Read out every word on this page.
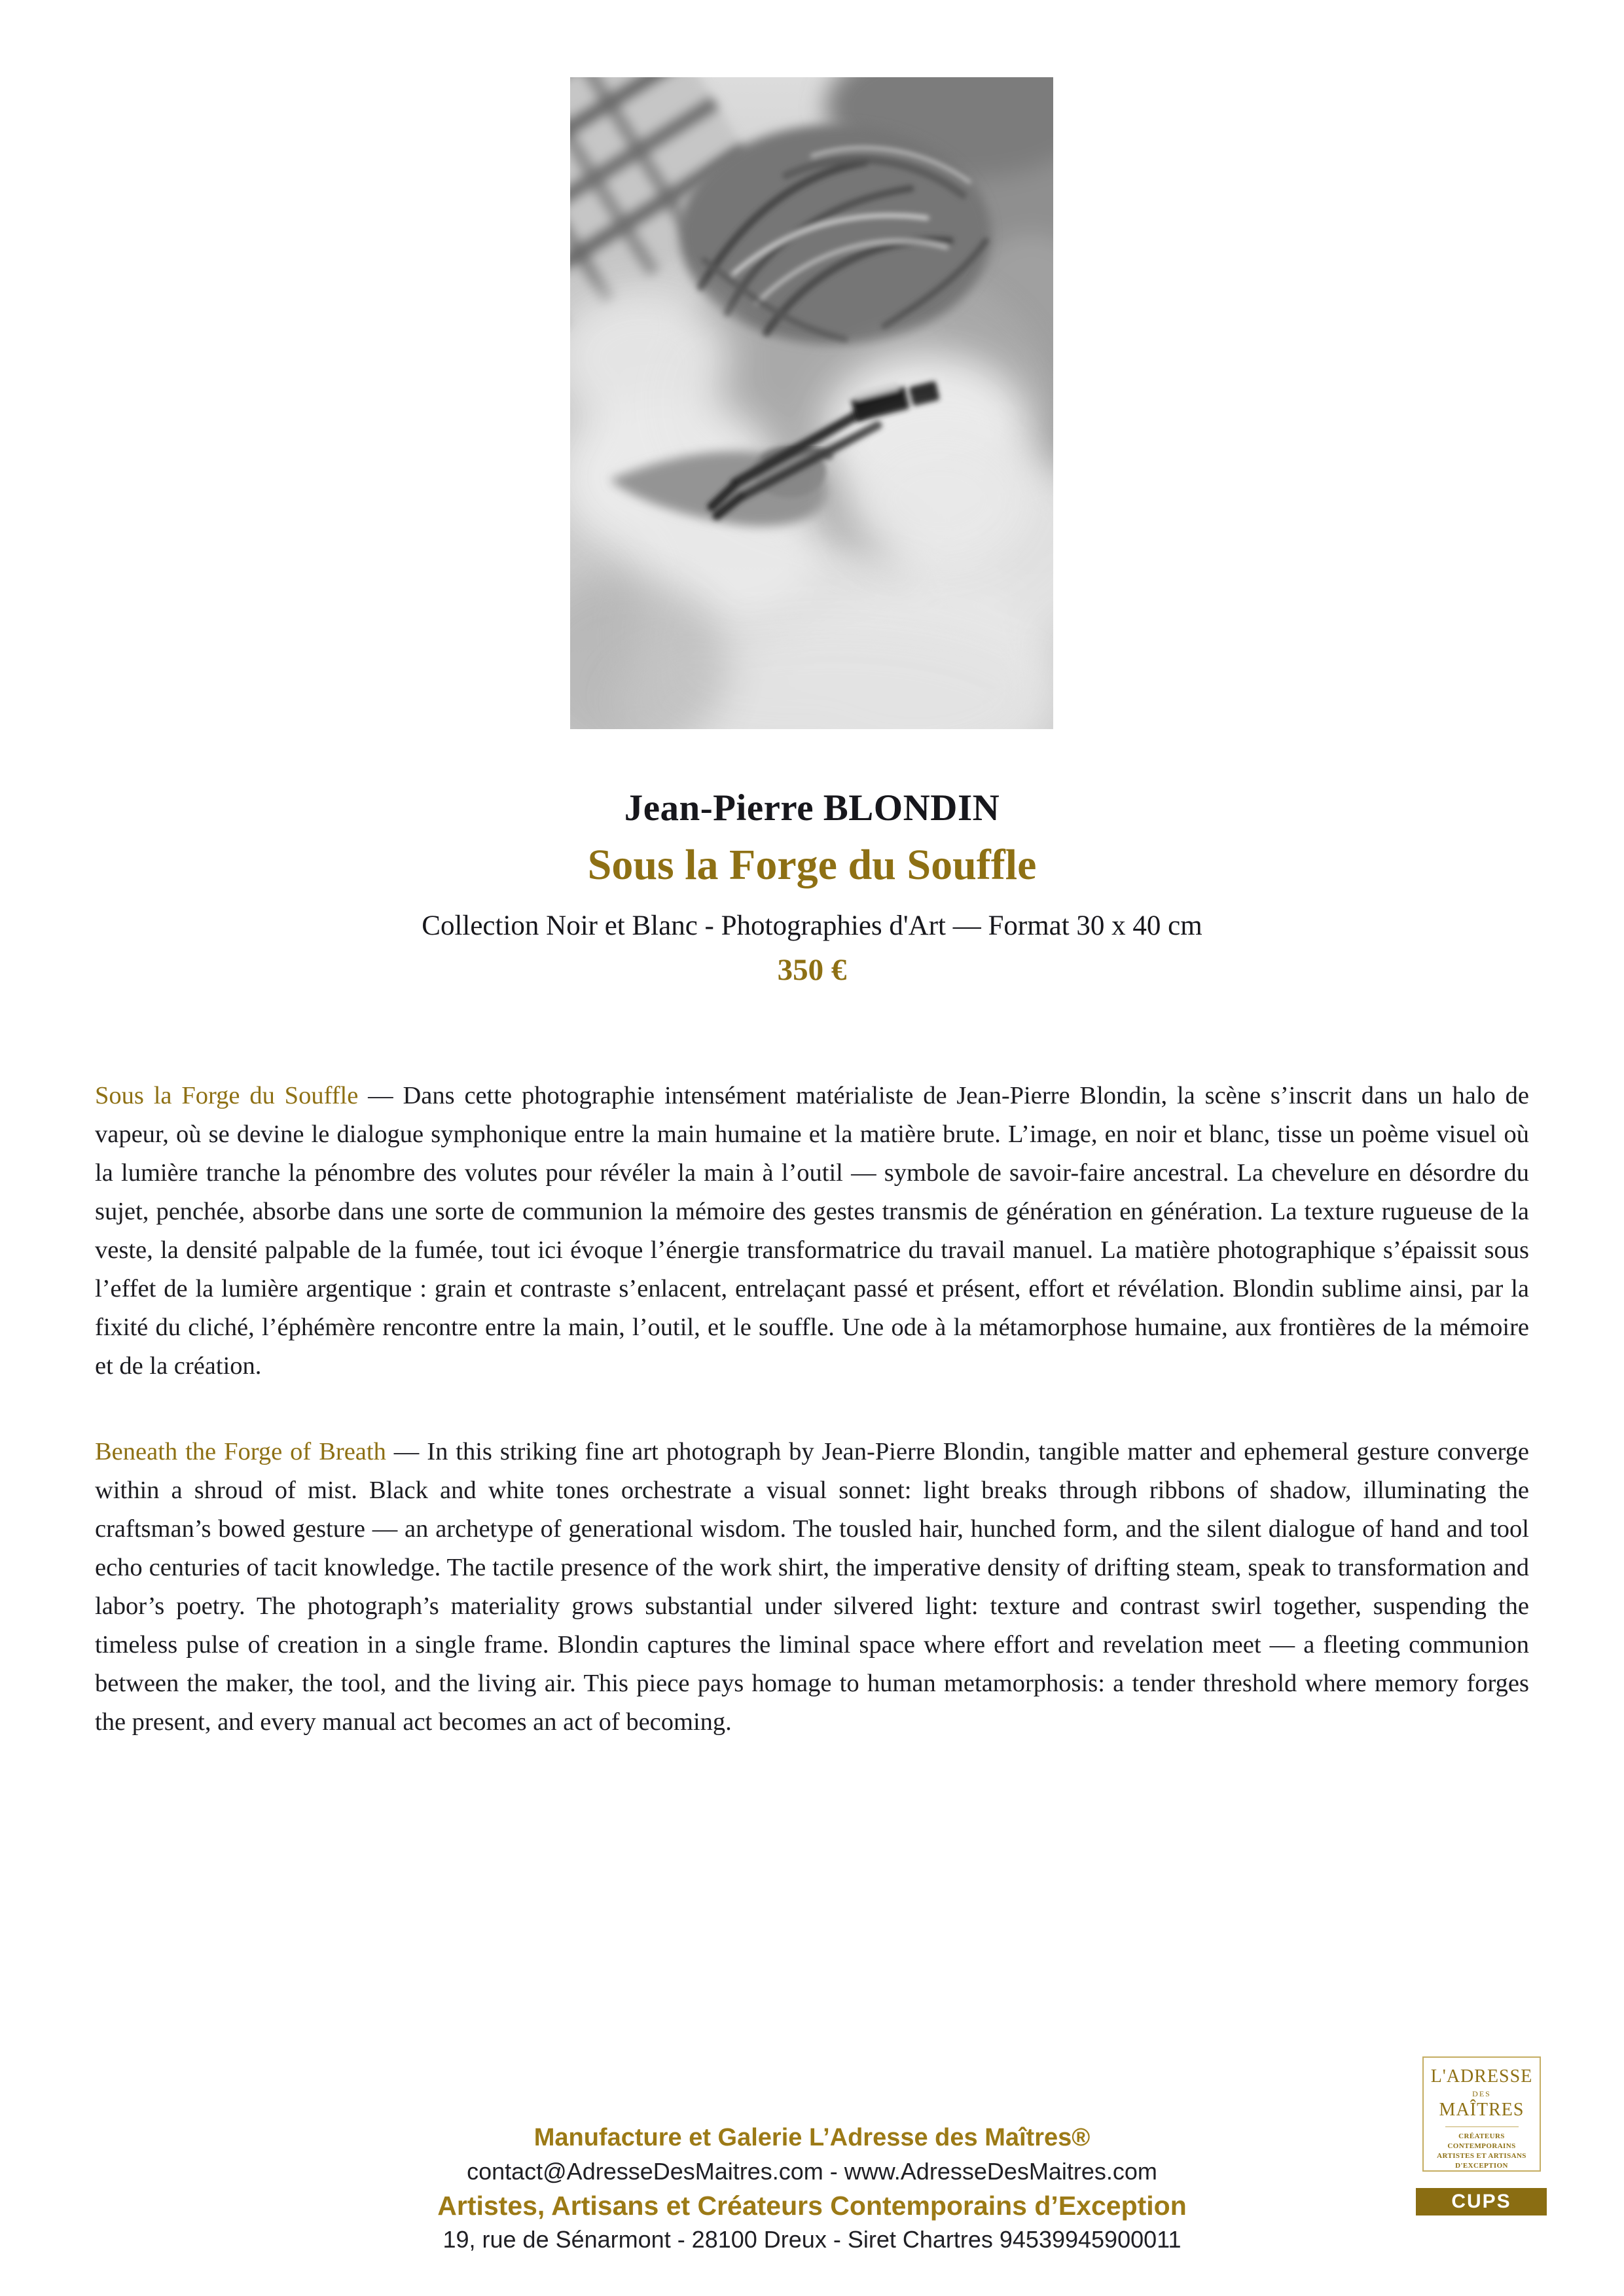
Jean-Pierre BLONDIN
Sous la Forge du Souffle
Collection Noir et Blanc - Photographies d'Art — Format 30 x 40 cm
350 €

Sous la Forge du Souffle — Dans cette photographie intensément matérialiste de Jean-Pierre Blondin, la scène s’inscrit dans un halo de vapeur, où se devine le dialogue symphonique entre la main humaine et la matière brute. L’image, en noir et blanc, tisse un poème visuel où la lumière tranche la pénombre des volutes pour révéler la main à l’outil — symbole de savoir-faire ancestral. La chevelure en désordre du sujet, penchée, absorbe dans une sorte de communion la mémoire des gestes transmis de génération en génération. La texture rugueuse de la veste, la densité palpable de la fumée, tout ici évoque l’énergie transformatrice du travail manuel. La matière photographique s’épaissit sous l’effet de la lumière argentique : grain et contraste s’enlacent, entrelaçant passé et présent, effort et révélation. Blondin sublime ainsi, par la fixité du cliché, l’éphémère rencontre entre la main, l’outil, et le souffle. Une ode à la métamorphose humaine, aux frontières de la mémoire et de la création.

Beneath the Forge of Breath — In this striking fine art photograph by Jean-Pierre Blondin, tangible matter and ephemeral gesture converge within a shroud of mist. Black and white tones orchestrate a visual sonnet: light breaks through ribbons of shadow, illuminating the craftsman’s bowed gesture — an archetype of generational wisdom. The tousled hair, hunched form, and the silent dialogue of hand and tool echo centuries of tacit knowledge. The tactile presence of the work shirt, the imperative density of drifting steam, speak to transformation and labor’s poetry. The photograph’s materiality grows substantial under silvered light: texture and contrast swirl together, suspending the timeless pulse of creation in a single frame. Blondin captures the liminal space where effort and revelation meet — a fleeting communion between the maker, the tool, and the living air. This piece pays homage to human metamorphosis: a tender threshold where memory forges the present, and every manual act becomes an act of becoming.

Manufacture et Galerie L’Adresse des Maîtres®
contact@AdresseDesMaitres.com - www.AdresseDesMaitres.com
Artistes, Artisans et Créateurs Contemporains d’Exception
19, rue de Sénarmont - 28100 Dreux - Siret Chartres 94539945900011
L'ADRESSE
DES
MAÎTRES
CRÉATEURS CONTEMPORAINS
ARTISTES ET ARTISANS
D'EXCEPTION
CUPS
